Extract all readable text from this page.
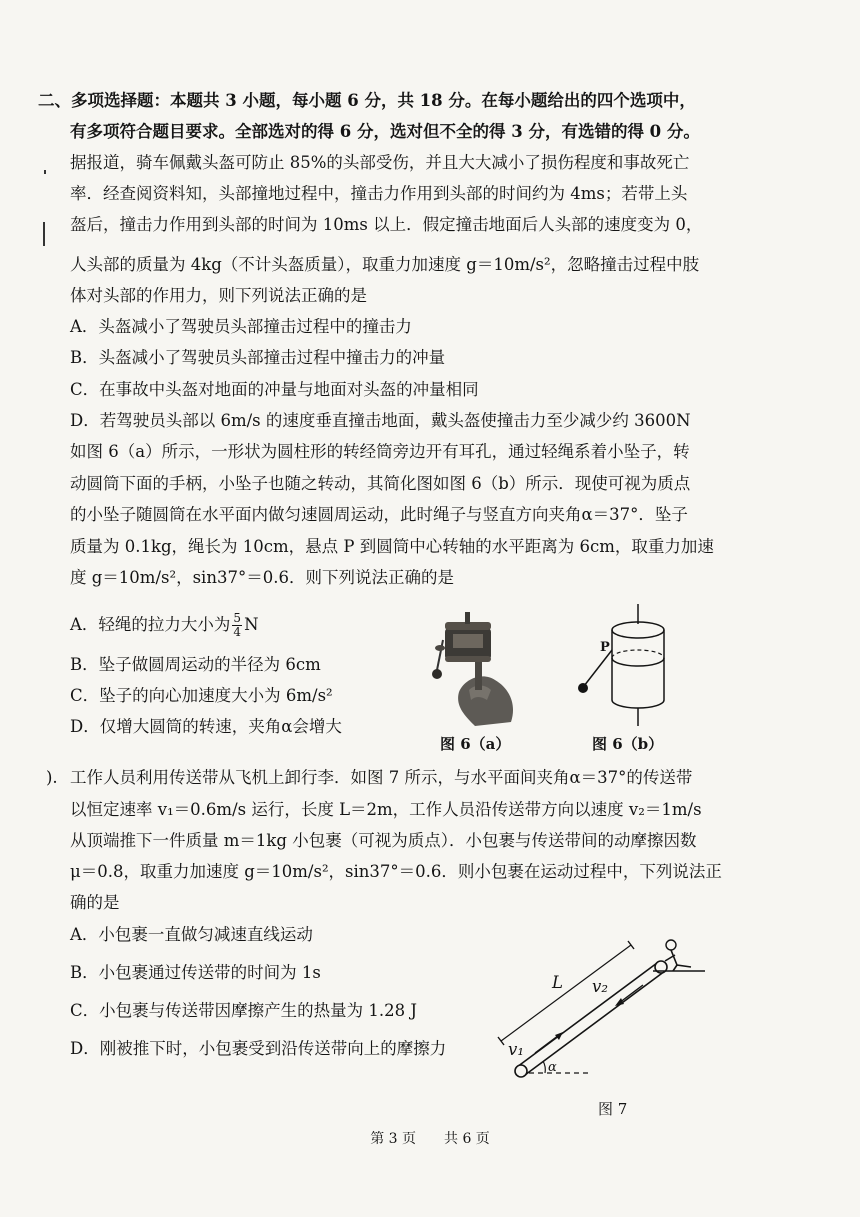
二、多项选择题：本题共 3 小题，每小题 6 分，共 18 分。在每小题给出的四个选项中，
有多项符合题目要求。全部选对的得 6 分，选对但不全的得 3 分，有选错的得 0 分。
据报道，骑车佩戴头盔可防止 85%的头部受伤，并且大大减小了损伤程度和事故死亡
率．经查阅资料知，头部撞地过程中，撞击力作用到头部的时间约为 4ms；若带上头
盔后，撞击力作用到头部的时间为 10ms 以上．假定撞击地面后人头部的速度变为 0，
人头部的质量为 4kg（不计头盔质量），取重力加速度 g＝10m/s²，忽略撞击过程中肢
体对头部的作用力，则下列说法正确的是
A．头盔减小了驾驶员头部撞击过程中的撞击力
B．头盔减小了驾驶员头部撞击过程中撞击力的冲量
C．在事故中头盔对地面的冲量与地面对头盔的冲量相同
D．若驾驶员头部以 6m/s 的速度垂直撞击地面，戴头盔使撞击力至少减少约 3600N
如图 6（a）所示，一形状为圆柱形的转经筒旁边开有耳孔，通过轻绳系着小坠子，转
动圆筒下面的手柄，小坠子也随之转动，其简化图如图 6（b）所示．现使可视为质点
的小坠子随圆筒在水平面内做匀速圆周运动，此时绳子与竖直方向夹角α＝37°．坠子
质量为 0.1kg，绳长为 10cm，悬点 P 到圆筒中心转轴的水平距离为 6cm，取重力加速
度 g＝10m/s²，sin37°＝0.6．则下列说法正确的是
A．轻绳的拉力大小为 $\frac{5}{4}$ N
B．坠子做圆周运动的半径为 6cm
C．坠子的向心加速度大小为 6m/s²
D．仅增大圆筒的转速，夹角α会增大
图 6（a）
P
图 6（b）
). 工作人员利用传送带从飞机上卸行李．如图 7 所示，与水平面间夹角α＝37°的传送带
以恒定速率 v₁＝0.6m/s 运行，长度 L＝2m，工作人员沿传送带方向以速度 v₂＝1m/s
从顶端推下一件质量 m＝1kg 小包裹（可视为质点）．小包裹与传送带间的动摩擦因数
μ＝0.8，取重力加速度 g＝10m/s²，sin37°＝0.6．则小包裹在运动过程中，下列说法正
确的是
A．小包裹一直做匀减速直线运动
B．小包裹通过传送带的时间为 1s
C．小包裹与传送带因摩擦产生的热量为 1.28 J
D．刚被推下时，小包裹受到沿传送带向上的摩擦力
L v₂
v₁
α
图 7
第 3 页 共 6 页
